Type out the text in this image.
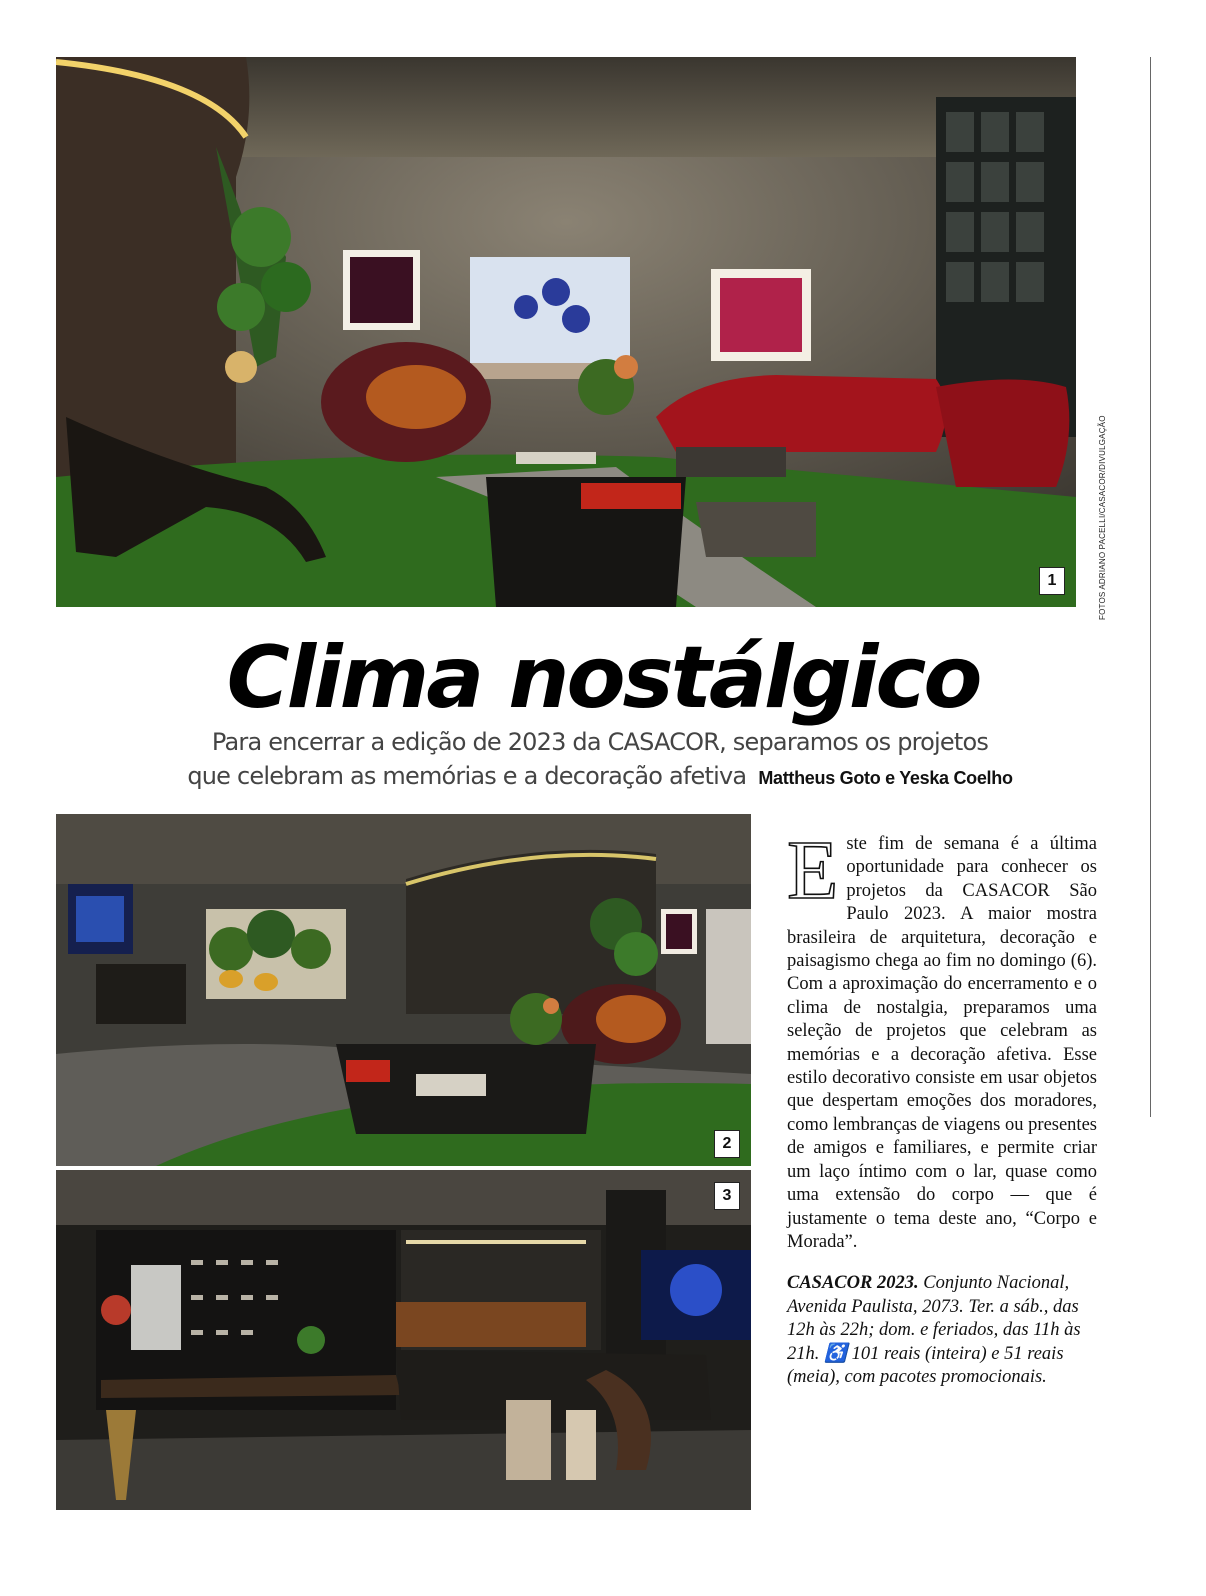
1	FOTOS ADRIANO PACELLI/CASACOR/DIVULGAÇÃO
Clima nostálgico
Para encerrar a edição de 2023 da CASACOR, separamos os projetos
que celebram as memórias e a decoração afetiva Mattheus Goto e Yeska Coelho
2
3
E ste fim de semana é a última oportunidade para conhecer os projetos da CASACOR São Paulo 2023. A maior mostra brasileira de arquitetura, decoração e paisagismo chega ao fim no domingo (6). Com a aproximação do encerramento e o clima de nostalgia, preparamos uma seleção de projetos que celebram as memórias e a decoração afetiva. Esse estilo decorativo consiste em usar objetos que despertam emoções dos moradores, como lembranças de viagens ou presentes de amigos e familiares, e permite criar um laço íntimo com o lar, quase como uma extensão do corpo — que é justamente o tema deste ano, “Corpo e Morada”.
CASACOR 2023. Conjunto Nacional, Avenida Paulista, 2073. Ter. a sáb., das 12h às 22h; dom. e feriados, das 11h às 21h. ♿ 101 reais (inteira) e 51 reais (meia), com pacotes promocionais.
